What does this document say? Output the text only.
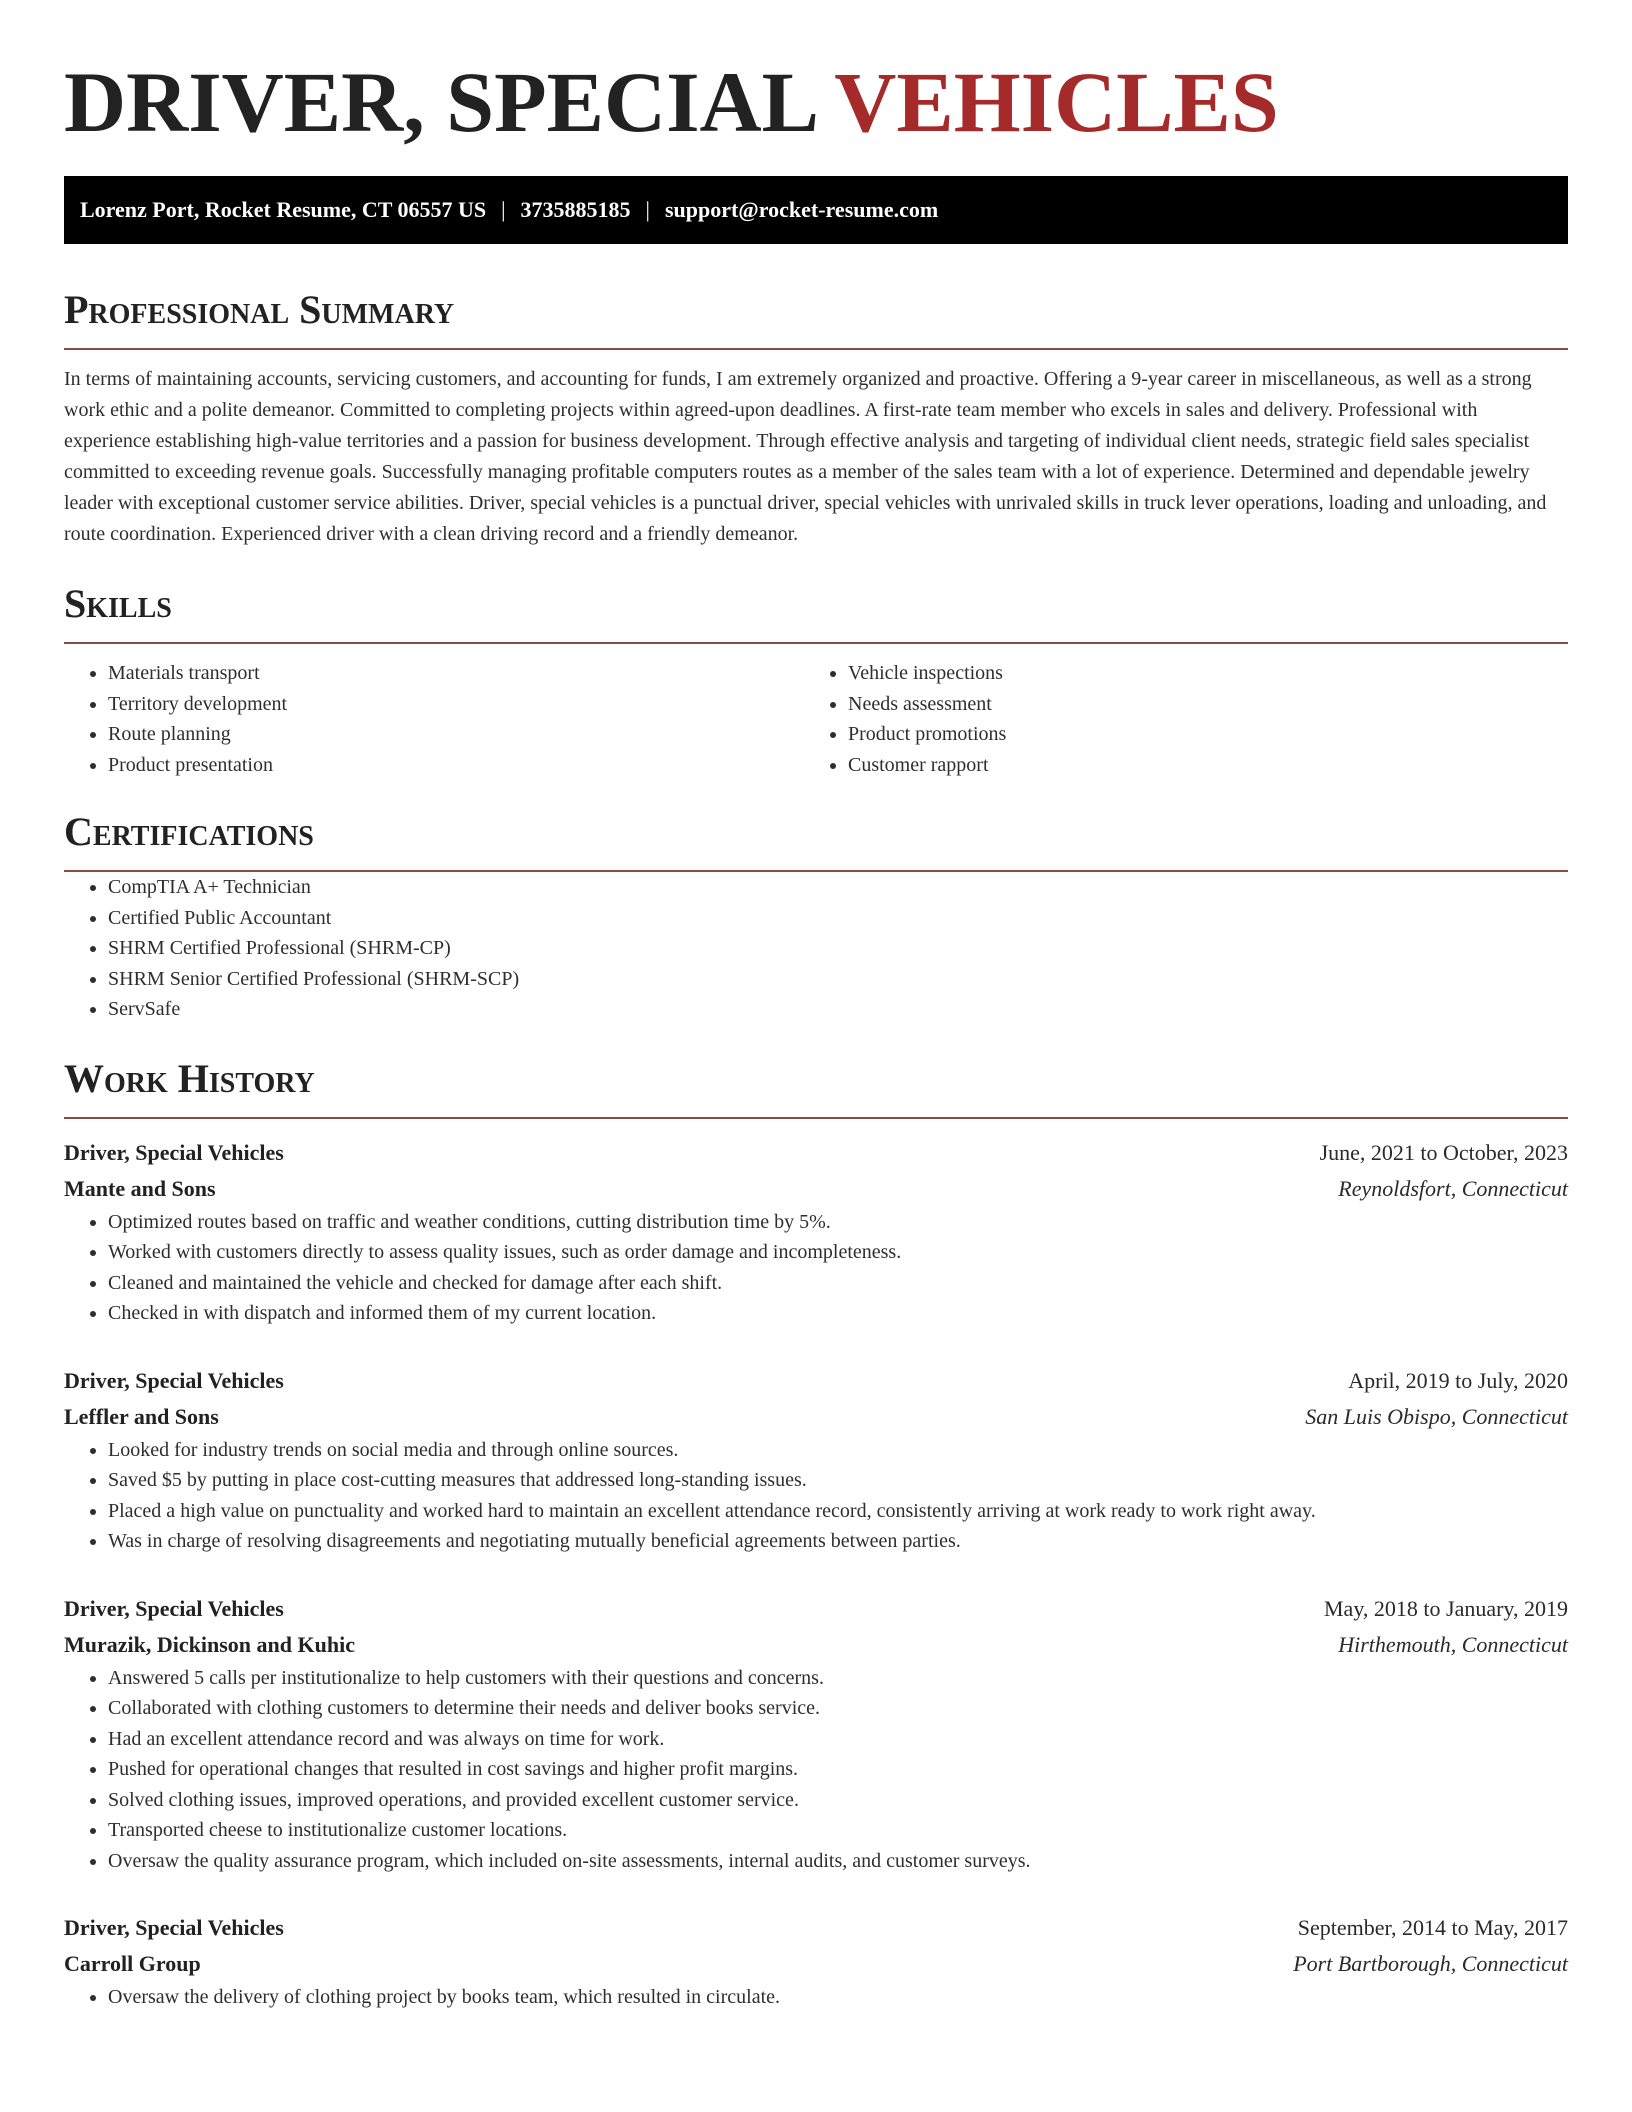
DRIVER, SPECIAL VEHICLES
Lorenz Port, Rocket Resume, CT 06557 US | 3735885185 | support@rocket-resume.com
Professional Summary

In terms of maintaining accounts, servicing customers, and accounting for funds, I am extremely organized and proactive. Offering a 9-year career in miscellaneous, as well as a strong work ethic and a polite demeanor. Committed to completing projects within agreed-upon deadlines. A first-rate team member who excels in sales and delivery. Professional with experience establishing high-value territories and a passion for business development. Through effective analysis and targeting of individual client needs, strategic field sales specialist committed to exceeding revenue goals. Successfully managing profitable computers routes as a member of the sales team with a lot of experience. Determined and dependable jewelry leader with exceptional customer service abilities. Driver, special vehicles is a punctual driver, special vehicles with unrivaled skills in truck lever operations, loading and unloading, and route coordination. Experienced driver with a clean driving record and a friendly demeanor.

Skills
• Materials transport
• Territory development
• Route planning
• Product presentation
• Vehicle inspections
• Needs assessment
• Product promotions
• Customer rapport
Certifications
• CompTIA A+ Technician
• Certified Public Accountant
• SHRM Certified Professional (SHRM-CP)
• SHRM Senior Certified Professional (SHRM-SCP)
• ServSafe
Work History
Driver, Special Vehicles	June, 2021 to October, 2023
Mante and Sons	Reynoldsfort, Connecticut
• Optimized routes based on traffic and weather conditions, cutting distribution time by 5%.
• Worked with customers directly to assess quality issues, such as order damage and incompleteness.
• Cleaned and maintained the vehicle and checked for damage after each shift.
• Checked in with dispatch and informed them of my current location.
Driver, Special Vehicles	April, 2019 to July, 2020
Leffler and Sons	San Luis Obispo, Connecticut
• Looked for industry trends on social media and through online sources.
• Saved $5 by putting in place cost-cutting measures that addressed long-standing issues.
• Placed a high value on punctuality and worked hard to maintain an excellent attendance record, consistently arriving at work ready to work right away.
• Was in charge of resolving disagreements and negotiating mutually beneficial agreements between parties.
Driver, Special Vehicles	May, 2018 to January, 2019
Murazik, Dickinson and Kuhic	Hirthemouth, Connecticut
• Answered 5 calls per institutionalize to help customers with their questions and concerns.
• Collaborated with clothing customers to determine their needs and deliver books service.
• Had an excellent attendance record and was always on time for work.
• Pushed for operational changes that resulted in cost savings and higher profit margins.
• Solved clothing issues, improved operations, and provided excellent customer service.
• Transported cheese to institutionalize customer locations.
• Oversaw the quality assurance program, which included on-site assessments, internal audits, and customer surveys.
Driver, Special Vehicles	September, 2014 to May, 2017
Carroll Group	Port Bartborough, Connecticut
• Oversaw the delivery of clothing project by books team, which resulted in circulate.
